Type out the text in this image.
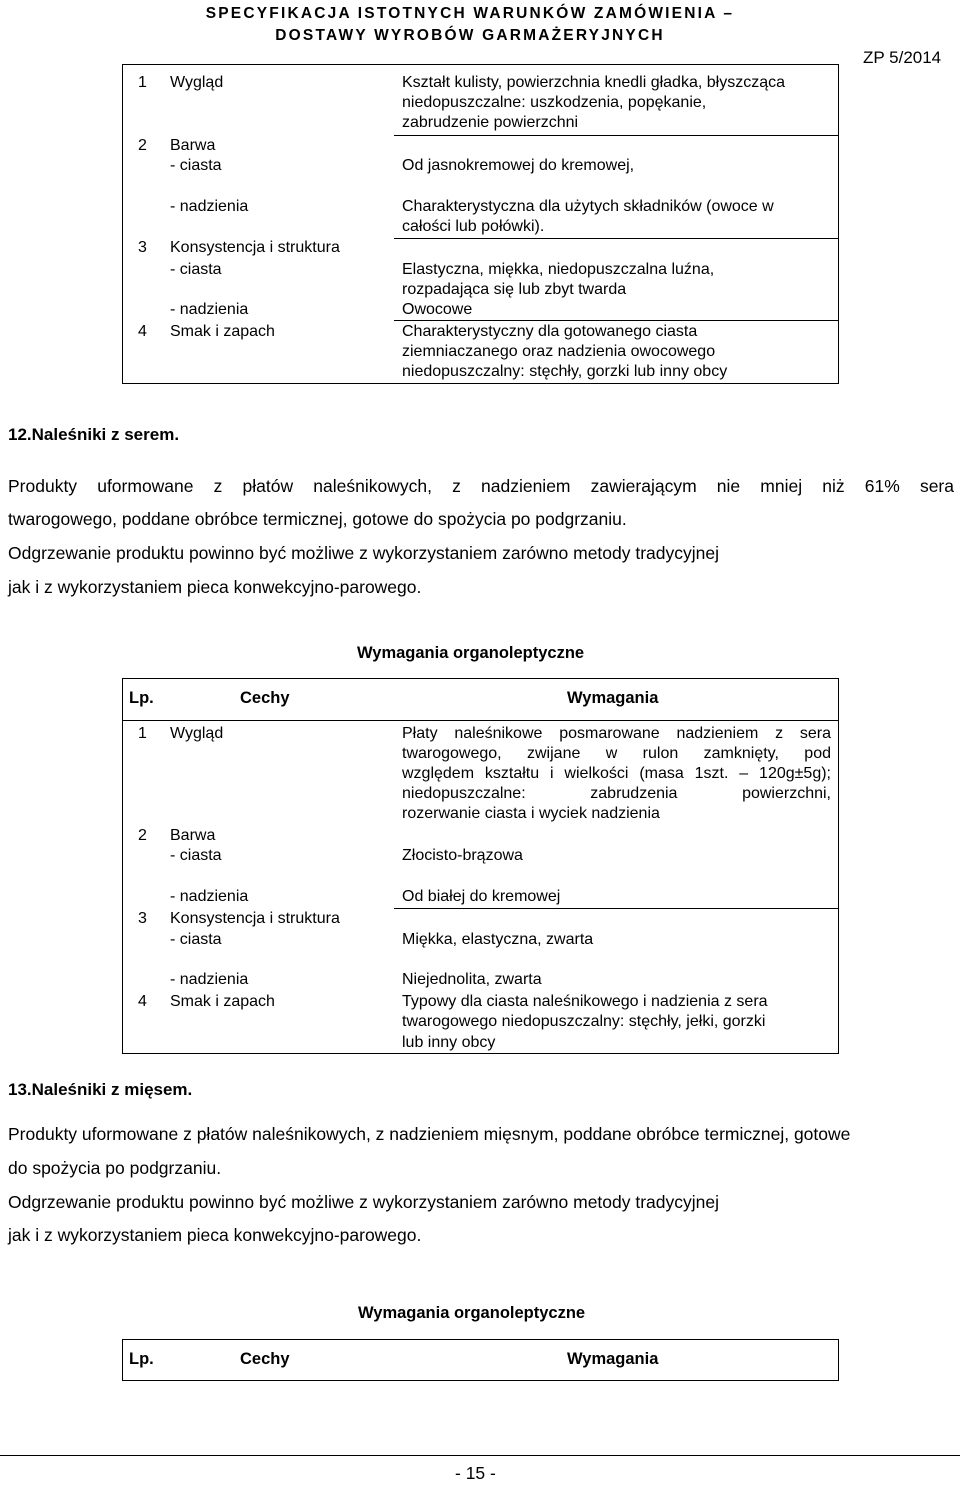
SPECYFIKACJA ISTOTNYCH WARUNKÓW ZAMÓWIENIA –
DOSTAWY WYROBÓW GARMAŻERYJNYCH
ZP 5/2014
1 Wygląd	Kształt kulisty, powierzchnia knedli gładka, błyszcząca
niedopuszczalne: uszkodzenia, popękanie,
zabrudzenie powierzchni
2 Barwa
- ciasta	Od jasnokremowej do kremowej,
- nadzienia	Charakterystyczna dla użytych składników (owoce w
całości lub połówki).
3 Konsystencja i struktura
- ciasta	Elastyczna, miękka, niedopuszczalna luźna,
rozpadająca się lub zbyt twarda
- nadzienia	Owocowe
4 Smak i zapach	Charakterystyczny dla gotowanego ciasta
ziemniaczanego oraz nadzienia owocowego
niedopuszczalny: stęchły, gorzki lub inny obcy
12.Naleśniki z serem.
Produkty uformowane z płatów naleśnikowych, z nadzieniem zawierającym nie mniej niż 61% sera
twarogowego, poddane obróbce termicznej, gotowe do spożycia po podgrzaniu.
Odgrzewanie produktu powinno być możliwe z wykorzystaniem zarówno metody tradycyjnej
jak i z wykorzystaniem pieca konwekcyjno-parowego.
Wymagania organoleptyczne
Lp.	Cechy	Wymagania
1 Wygląd	Płaty naleśnikowe posmarowane nadzieniem z sera
twarogowego, zwijane w rulon zamknięty, pod
względem kształtu i wielkości (masa 1szt. – 120g±5g);
niedopuszczalne: zabrudzenia powierzchni,
rozerwanie ciasta i wyciek nadzienia
2 Barwa
- ciasta	Złocisto-brązowa
- nadzienia	Od białej do kremowej
3 Konsystencja i struktura
- ciasta	Miękka, elastyczna, zwarta
- nadzienia	Niejednolita, zwarta
4 Smak i zapach	Typowy dla ciasta naleśnikowego i nadzienia z sera
twarogowego niedopuszczalny: stęchły, jełki, gorzki
lub inny obcy
13.Naleśniki z mięsem.
Produkty uformowane z płatów naleśnikowych, z nadzieniem mięsnym, poddane obróbce termicznej, gotowe
do spożycia po podgrzaniu.
Odgrzewanie produktu powinno być możliwe z wykorzystaniem zarówno metody tradycyjnej
jak i z wykorzystaniem pieca konwekcyjno-parowego.
Wymagania organoleptyczne
Lp.	Cechy	Wymagania
- 15 -
